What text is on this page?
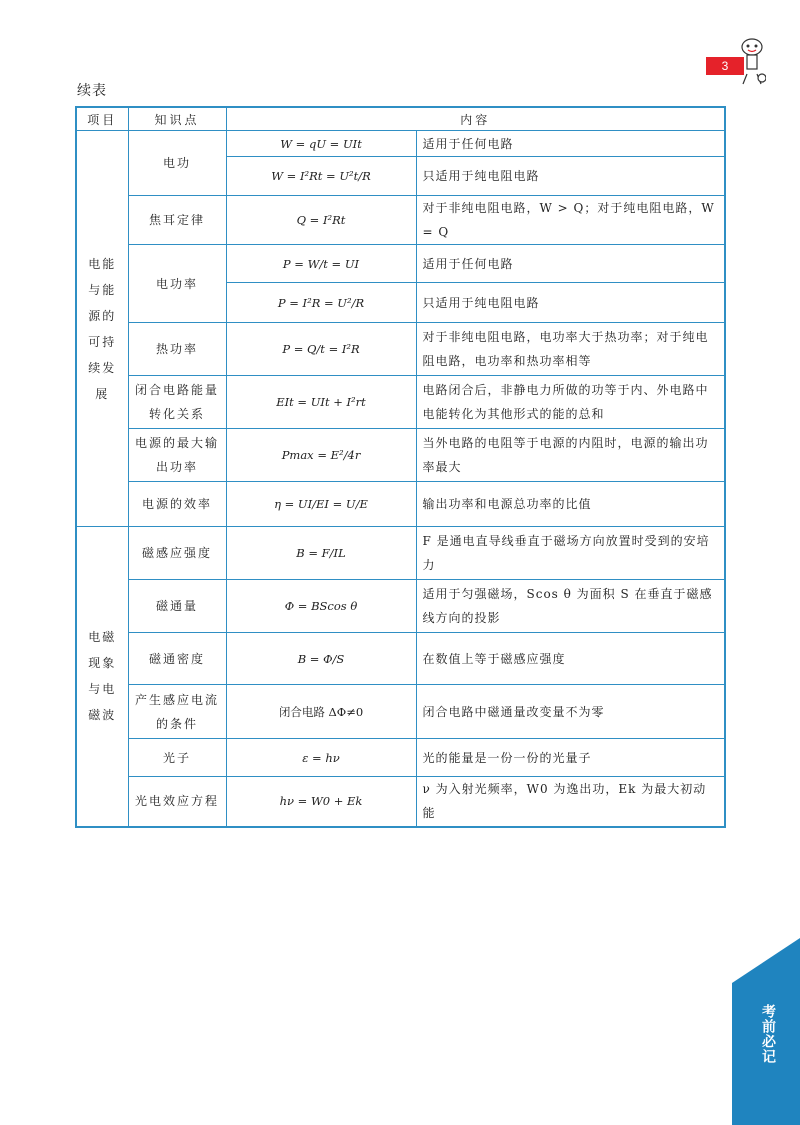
3
续表
项目	知识点	内容	
电能与能源的可持续发展	电功	W = qU = UIt	适用于任何电路
		W = I²Rt = U²t/R	只适用于纯电阻电路
	焦耳定律	Q = I²Rt	对于非纯电阻电路，W > Q；对于纯电阻电路，W = Q
	电功率	P = W/t = UI	适用于任何电路
		P = I²R = U²/R	只适用于纯电阻电路
	热功率	P = Q/t = I²R	对于非纯电阻电路，电功率大于热功率；对于纯电阻电路，电功率和热功率相等
	闭合电路能量转化关系	EIt = UIt + I²rt	电路闭合后，非静电力所做的功等于内、外电路中电能转化为其他形式的能的总和
	电源的最大输出功率	Pmax = E²/4r	当外电路的电阻等于电源的内阻时，电源的输出功率最大
	电源的效率	η = UI/EI = U/E	输出功率和电源总功率的比值
电磁现象与电磁波	磁感应强度	B = F/IL	F 是通电直导线垂直于磁场方向放置时受到的安培力
	磁通量	Φ = BScos θ	适用于匀强磁场，Scos θ 为面积 S 在垂直于磁感线方向的投影
	磁通密度	B = Φ/S	在数值上等于磁感应强度
	产生感应电流的条件	闭合电路 ΔΦ≠0	闭合电路中磁通量改变量不为零
	光子	ε = hν	光的能量是一份一份的光量子
	光电效应方程	hν = W0 + Ek	ν 为入射光频率，W0 为逸出功，Ek 为最大初动能
考前必记
